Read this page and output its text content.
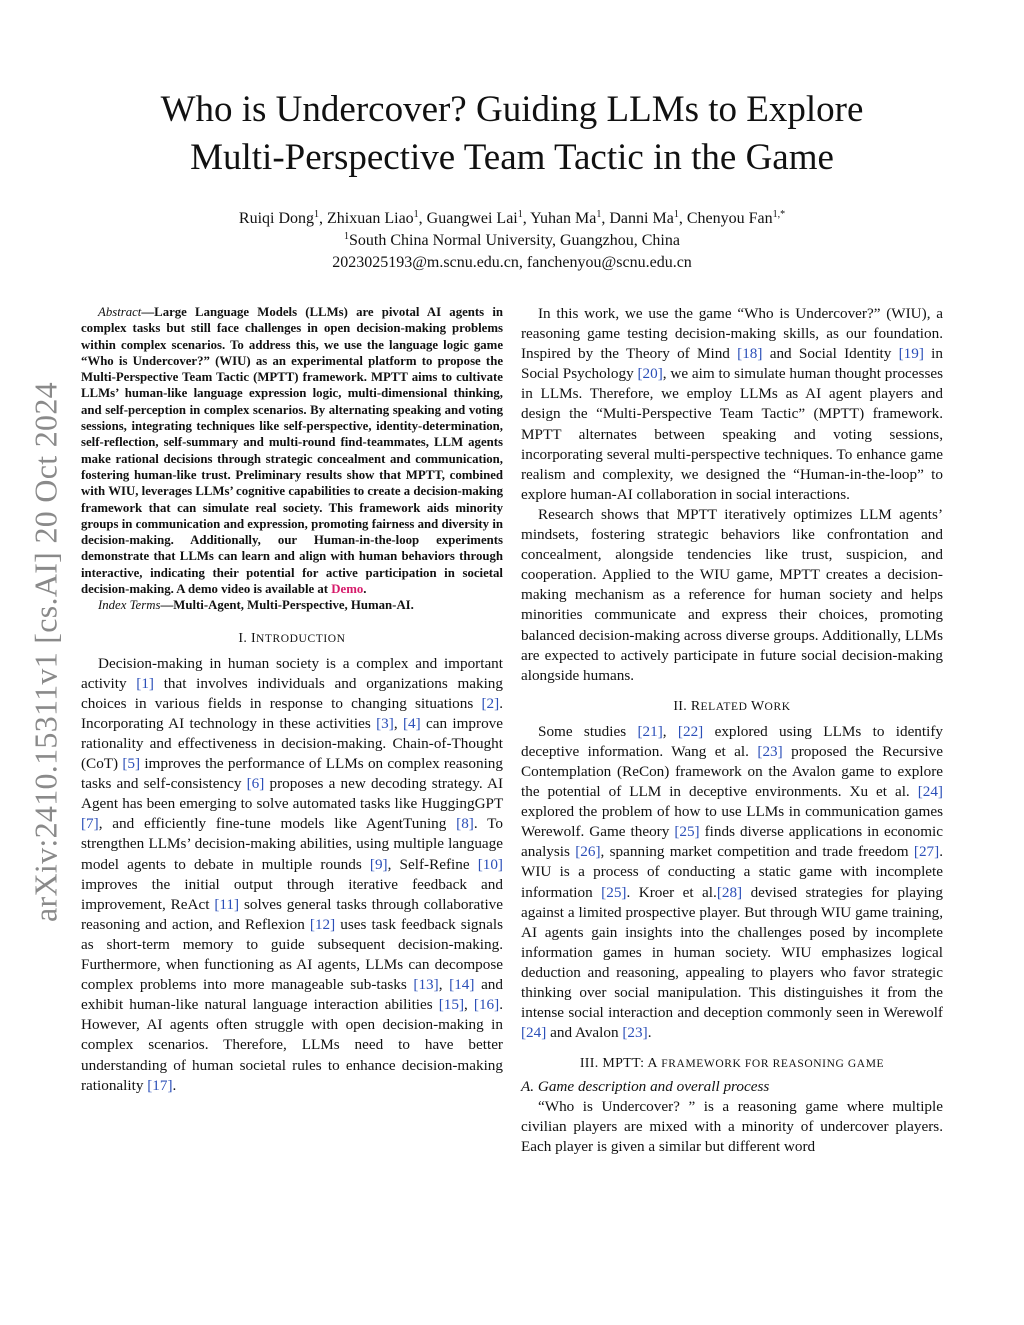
arXiv:2410.15311v1 [cs.AI] 20 Oct 2024
Who is Undercover? Guiding LLMs to Explore
Multi-Perspective Team Tactic in the Game
Ruiqi Dong$^1$, Zhixuan Liao$^1$, Guangwei Lai$^1$, Yuhan Ma$^1$, Danni Ma$^1$, Chenyou Fan$^{1,*}$
$^1$South China Normal University, Guangzhou, China
2023025193@m.scnu.edu.cn, fanchenyou@scnu.edu.cn
Abstract—Large Language Models (LLMs) are pivotal AI agents in complex tasks but still face challenges in open decision-making problems within complex scenarios. To address this, we use the language logic game “Who is Undercover?” (WIU) as an experimental platform to propose the Multi-Perspective Team Tactic (MPTT) framework. MPTT aims to cultivate LLMs’ human-like language expression logic, multi-dimensional thinking, and self-perception in complex scenarios. By alternating speaking and voting sessions, integrating techniques like self-perspective, identity-determination, self-reflection, self-summary and multi-round find-teammates, LLM agents make rational decisions through strategic concealment and communication, fostering human-like trust. Preliminary results show that MPTT, combined with WIU, leverages LLMs’ cognitive capabilities to create a decision-making framework that can simulate real society. This framework aids minority groups in communication and expression, promoting fairness and diversity in decision-making. Additionally, our Human-in-the-loop experiments demonstrate that LLMs can learn and align with human behaviors through interactive, indicating their potential for active participation in societal decision-making. A demo video is available at Demo.
Index Terms—Multi-Agent, Multi-Perspective, Human-AI.
I. INTRODUCTION

Decision-making in human society is a complex and important activity [1] that involves individuals and organizations making choices in various fields in response to changing situations [2]. Incorporating AI technology in these activities [3], [4] can improve rationality and effectiveness in decision-making. Chain-of-Thought (CoT) [5] improves the performance of LLMs on complex reasoning tasks and self-consistency [6] proposes a new decoding strategy. AI Agent has been emerging to solve automated tasks like HuggingGPT [7], and efficiently fine-tune models like AgentTuning [8]. To strengthen LLMs’ decision-making abilities, using multiple language model agents to debate in multiple rounds [9], Self-Refine [10] improves the initial output through iterative feedback and improvement, ReAct [11] solves general tasks through collaborative reasoning and action, and Reflexion [12] uses task feedback signals as short-term memory to guide subsequent decision-making. Furthermore, when functioning as AI agents, LLMs can decompose complex problems into more manageable sub-tasks [13], [14] and exhibit human-like natural language interaction abilities [15], [16]. However, AI agents often struggle with open decision-making in complex scenarios. Therefore, LLMs need to have better understanding of human societal rules to enhance decision-making rationality [17].

In this work, we use the game “Who is Undercover?” (WIU), a reasoning game testing decision-making skills, as our foundation. Inspired by the Theory of Mind [18] and Social Identity [19] in Social Psychology [20], we aim to simulate human thought processes in LLMs. Therefore, we employ LLMs as AI agent players and design the “Multi-Perspective Team Tactic” (MPTT) framework. MPTT alternates between speaking and voting sessions, incorporating several multi-perspective techniques. To enhance game realism and complexity, we designed the “Human-in-the-loop” to explore human-AI collaboration in social interactions.

Research shows that MPTT iteratively optimizes LLM agents’ mindsets, fostering strategic behaviors like confrontation and concealment, alongside tendencies like trust, suspicion, and cooperation. Applied to the WIU game, MPTT creates a decision-making mechanism as a reference for human society and helps minorities communicate and express their choices, promoting balanced decision-making across diverse groups. Additionally, LLMs are expected to actively participate in future social decision-making alongside humans.

II. RELATED WORK

Some studies [21], [22] explored using LLMs to identify deceptive information. Wang et al. [23] proposed the Recursive Contemplation (ReCon) framework on the Avalon game to explore the potential of LLM in deceptive environments. Xu et al. [24] explored the problem of how to use LLMs in communication games Werewolf. Game theory [25] finds diverse applications in economic analysis [26], spanning market competition and trade freedom [27]. WIU is a process of conducting a static game with incomplete information [25]. Kroer et al.[28] devised strategies for playing against a limited prospective player. But through WIU game training, AI agents gain insights into the challenges posed by incomplete information games in human society. WIU emphasizes logical deduction and reasoning, appealing to players who favor strategic thinking over social manipulation. This distinguishes it from the intense social interaction and deception commonly seen in Werewolf [24] and Avalon [23].

III. MPTT: A FRAMEWORK FOR REASONING GAME
A. Game description and overall process

“Who is Undercover? ” is a reasoning game where multiple civilian players are mixed with a minority of undercover players. Each player is given a similar but different word
